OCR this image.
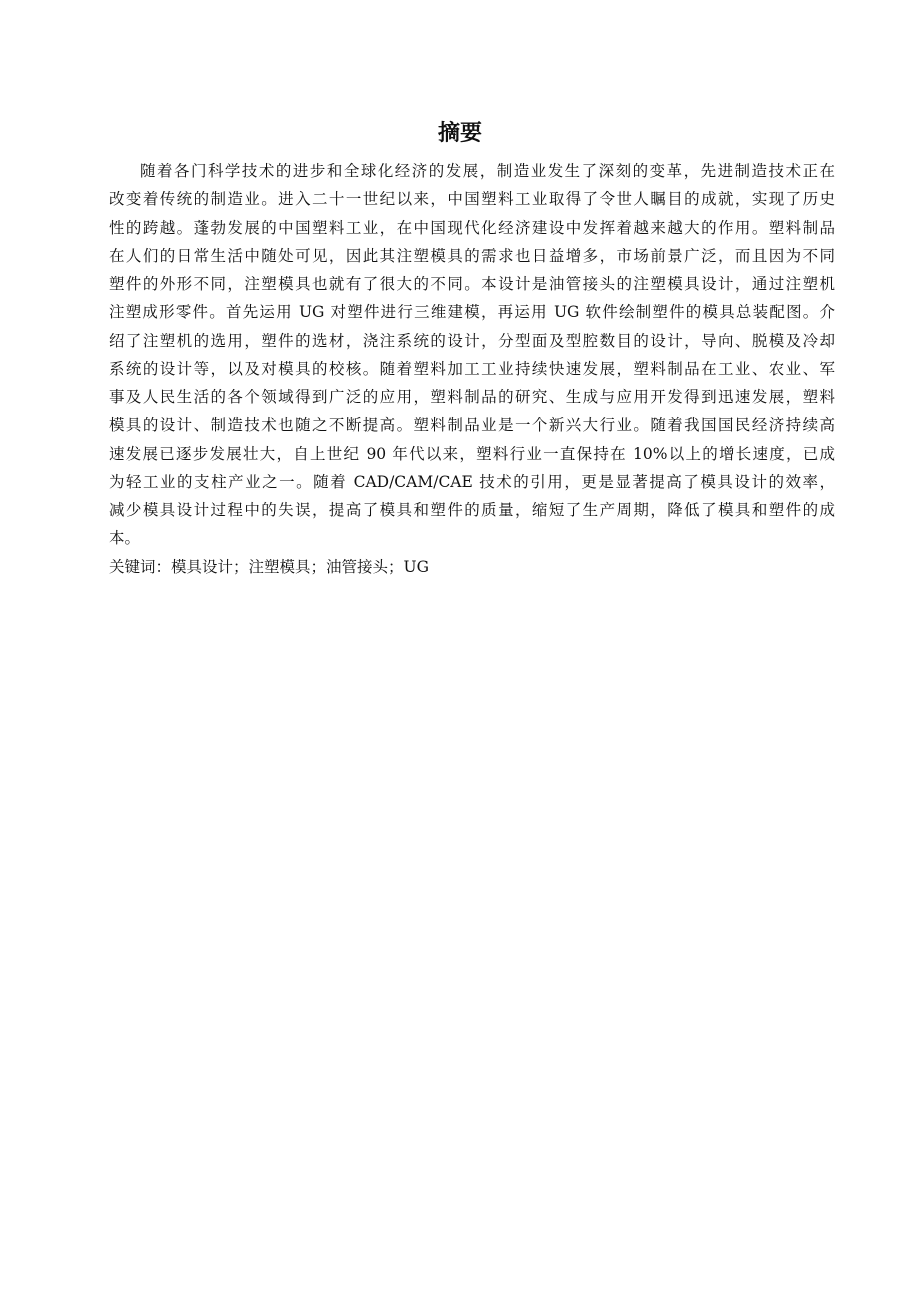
摘要

随着各门科学技术的进步和全球化经济的发展，制造业发生了深刻的变革，先进制造技术正在

改变着传统的制造业。进入二十一世纪以来，中国塑料工业取得了令世人瞩目的成就，实现了历史

性的跨越。蓬勃发展的中国塑料工业，在中国现代化经济建设中发挥着越来越大的作用。塑料制品

在人们的日常生活中随处可见，因此其注塑模具的需求也日益增多，市场前景广泛，而且因为不同

塑件的外形不同，注塑模具也就有了很大的不同。本设计是油管接头的注塑模具设计，通过注塑机

注塑成形零件。首先运用 UG 对塑件进行三维建模，再运用 UG 软件绘制塑件的模具总装配图。介

绍了注塑机的选用，塑件的选材，浇注系统的设计，分型面及型腔数目的设计，导向、脱模及冷却

系统的设计等，以及对模具的校核。随着塑料加工工业持续快速发展，塑料制品在工业、农业、军

事及人民生活的各个领域得到广泛的应用，塑料制品的研究、生成与应用开发得到迅速发展，塑料

模具的设计、制造技术也随之不断提高。塑料制品业是一个新兴大行业。随着我国国民经济持续高

速发展已逐步发展壮大，自上世纪 90 年代以来，塑料行业一直保持在 10%以上的增长速度，已成

为轻工业的支柱产业之一。随着 CAD/CAM/CAE 技术的引用，更是显著提高了模具设计的效率，

减少模具设计过程中的失误，提高了模具和塑件的质量，缩短了生产周期，降低了模具和塑件的成

本。

关键词：模具设计；注塑模具；油管接头；UG
